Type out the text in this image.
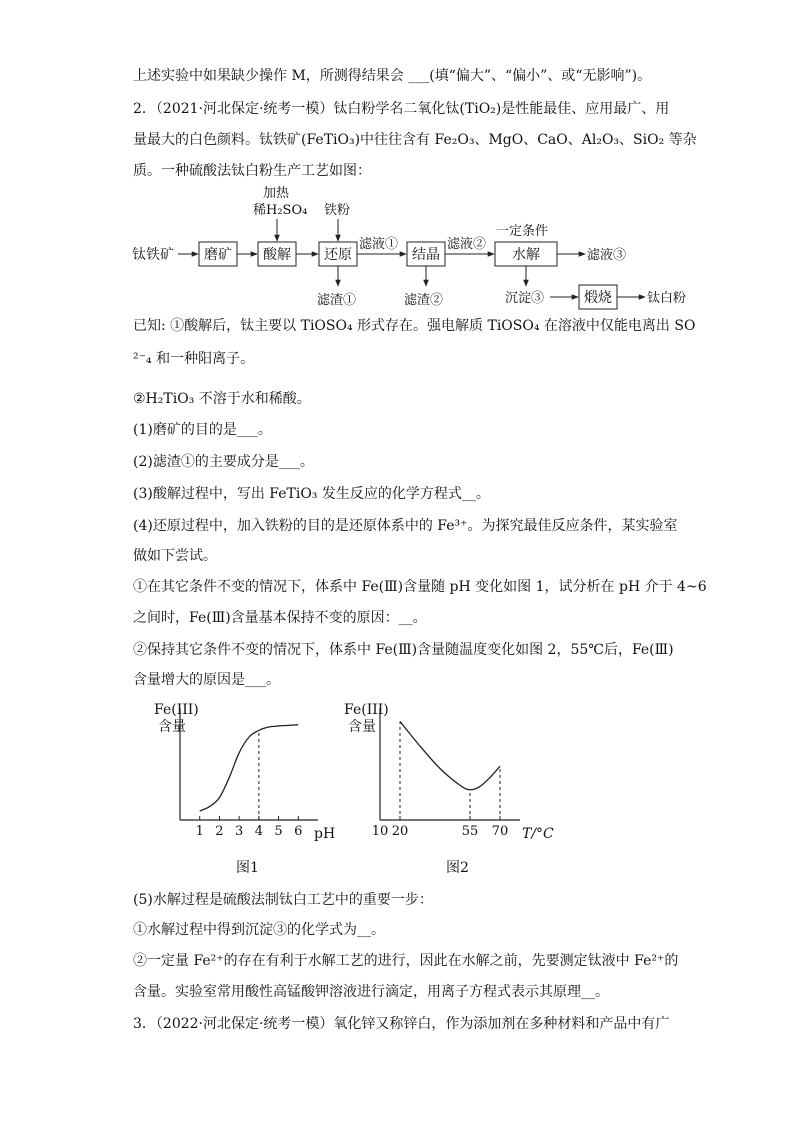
上述实验中如果缺少操作 M，所测得结果会 ___(填“偏大”、“偏小”、或“无影响”)。
2．（2021·河北保定·统考一模）钛白粉学名二氧化钛(TiO₂)是性能最佳、应用最广、用
量最大的白色颜料。钛铁矿(FeTiO₃)中往往含有 Fe₂O₃、MgO、CaO、Al₂O₃、SiO₂ 等杂
质。一种硫酸法钛白粉生产工艺如图：
钛铁矿 磨矿 酸解
加热
稀H₂SO₄
还原
铁粉
滤渣①
滤液①
结晶
滤渣②
滤液②
水解
一定条件
滤液③
沉淀③	煅烧	钛白粉
已知: ①酸解后，钛主要以 TiOSO₄ 形式存在。强电解质 TiOSO₄ 在溶液中仅能电离出 SO
²⁻₄ 和一种阳离子。
②H₂TiO₃ 不溶于水和稀酸。
(1)磨矿的目的是___。
(2)滤渣①的主要成分是___。
(3)酸解过程中，写出 FeTiO₃ 发生反应的化学方程式__。
(4)还原过程中，加入铁粉的目的是还原体系中的 Fe³⁺。为探究最佳反应条件，某实验室
做如下尝试。
①在其它条件不变的情况下，体系中 Fe(Ⅲ)含量随 pH 变化如图 1，试分析在 pH 介于 4~6
之间时，Fe(Ⅲ)含量基本保持不变的原因：__。
②保持其它条件不变的情况下，体系中 Fe(Ⅲ)含量随温度变化如图 2，55℃后，Fe(Ⅲ)
含量增大的原因是___。
Fe(III)
含量
pH
图1
1 2 3 4 5 6
Fe(III)
含量
T/°C
图2
10 20	55 70
(5)水解过程是硫酸法制钛白工艺中的重要一步：
①水解过程中得到沉淀③的化学式为__。
②一定量 Fe²⁺的存在有利于水解工艺的进行，因此在水解之前，先要测定钛液中 Fe²⁺的
含量。实验室常用酸性高锰酸钾溶液进行滴定，用离子方程式表示其原理__。
3．（2022·河北保定·统考一模）氧化锌又称锌白，作为添加剂在多种材料和产品中有广
